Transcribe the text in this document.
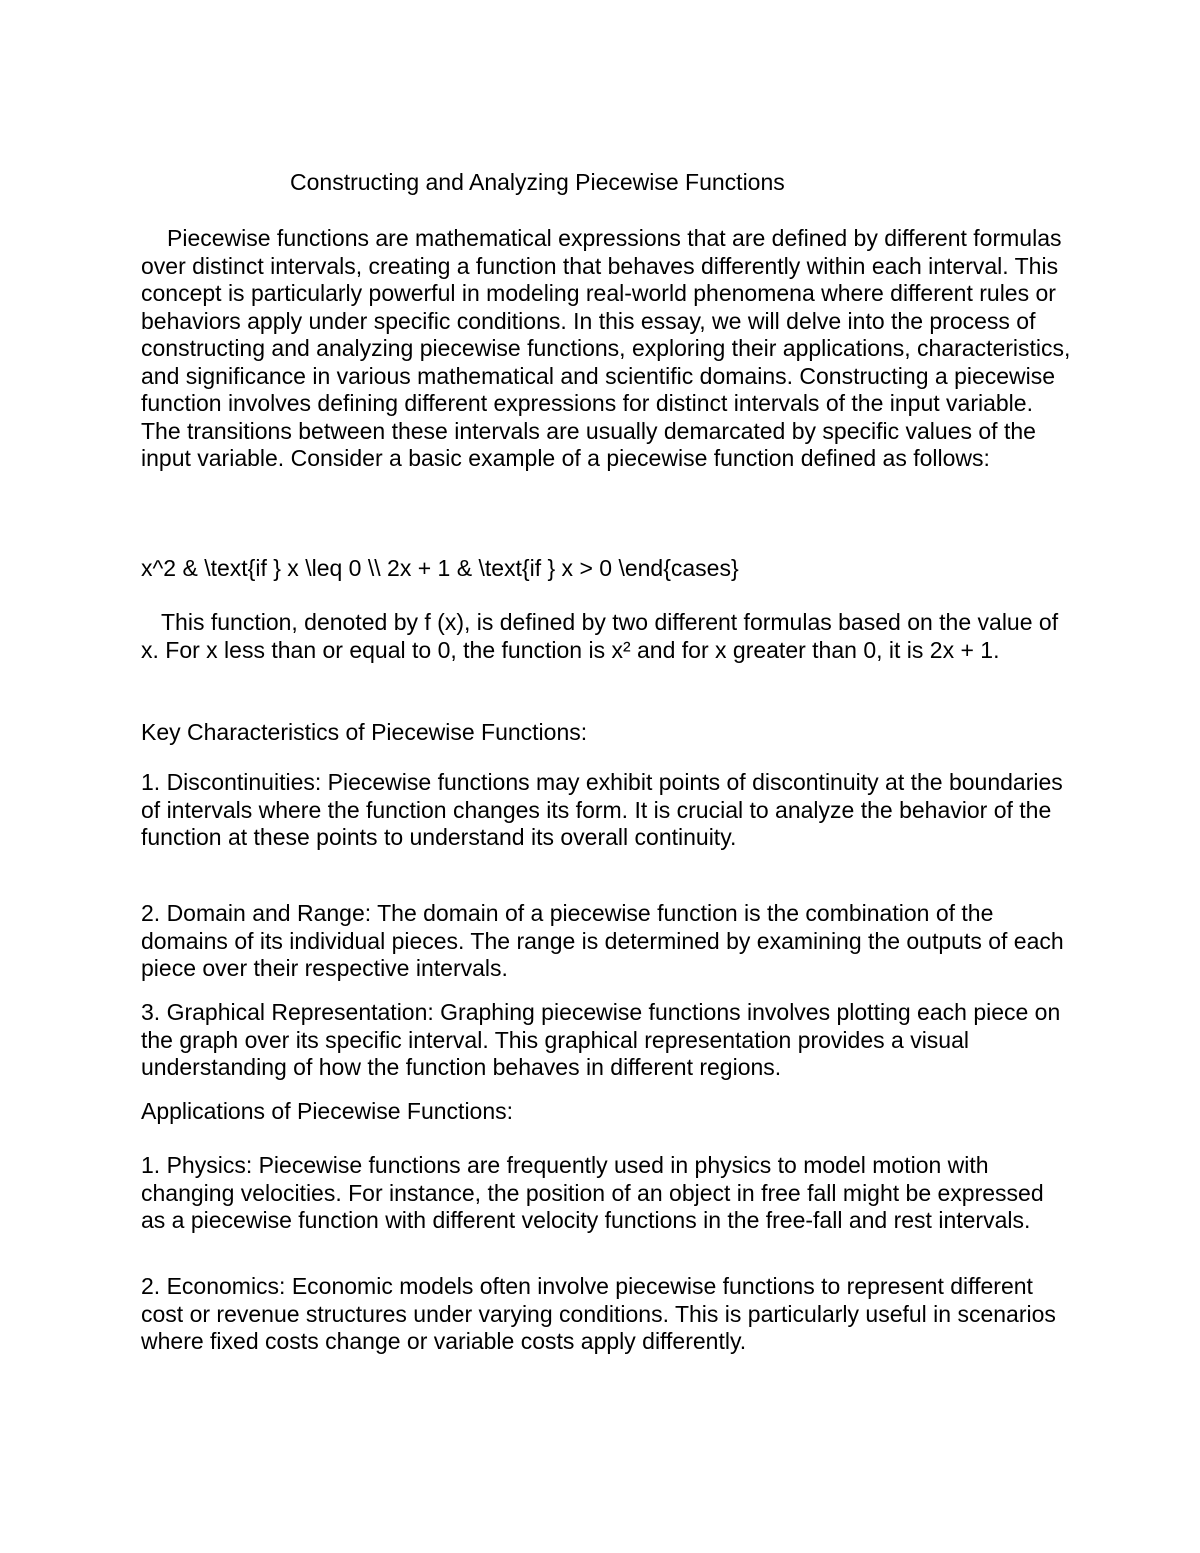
Constructing and Analyzing Piecewise Functions

Piecewise functions are mathematical expressions that are defined by different formulas over distinct intervals, creating a function that behaves differently within each interval. This concept is particularly powerful in modeling real-world phenomena where different rules or behaviors apply under specific conditions. In this essay, we will delve into the process of constructing and analyzing piecewise functions, exploring their applications, characteristics, and significance in various mathematical and scientific domains. Constructing a piecewise function involves defining different expressions for distinct intervals of the input variable. The transitions between these intervals are usually demarcated by specific values of the input variable. Consider a basic example of a piecewise function defined as follows:

x^2 & \text{if } x \leq 0 \\ 2x + 1 & \text{if } x > 0 \end{cases}

This function, denoted by f (x), is defined by two different formulas based on the value of x. For x less than or equal to 0, the function is x² and for x greater than 0, it is 2x + 1.

Key Characteristics of Piecewise Functions:

1. Discontinuities: Piecewise functions may exhibit points of discontinuity at the boundaries of intervals where the function changes its form. It is crucial to analyze the behavior of the function at these points to understand its overall continuity.

2. Domain and Range: The domain of a piecewise function is the combination of the domains of its individual pieces. The range is determined by examining the outputs of each piece over their respective intervals.

3. Graphical Representation: Graphing piecewise functions involves plotting each piece on the graph over its specific interval. This graphical representation provides a visual understanding of how the function behaves in different regions.

Applications of Piecewise Functions:

1. Physics: Piecewise functions are frequently used in physics to model motion with changing velocities. For instance, the position of an object in free fall might be expressed as a piecewise function with different velocity functions in the free-fall and rest intervals.

2. Economics: Economic models often involve piecewise functions to represent different cost or revenue structures under varying conditions. This is particularly useful in scenarios where fixed costs change or variable costs apply differently.
